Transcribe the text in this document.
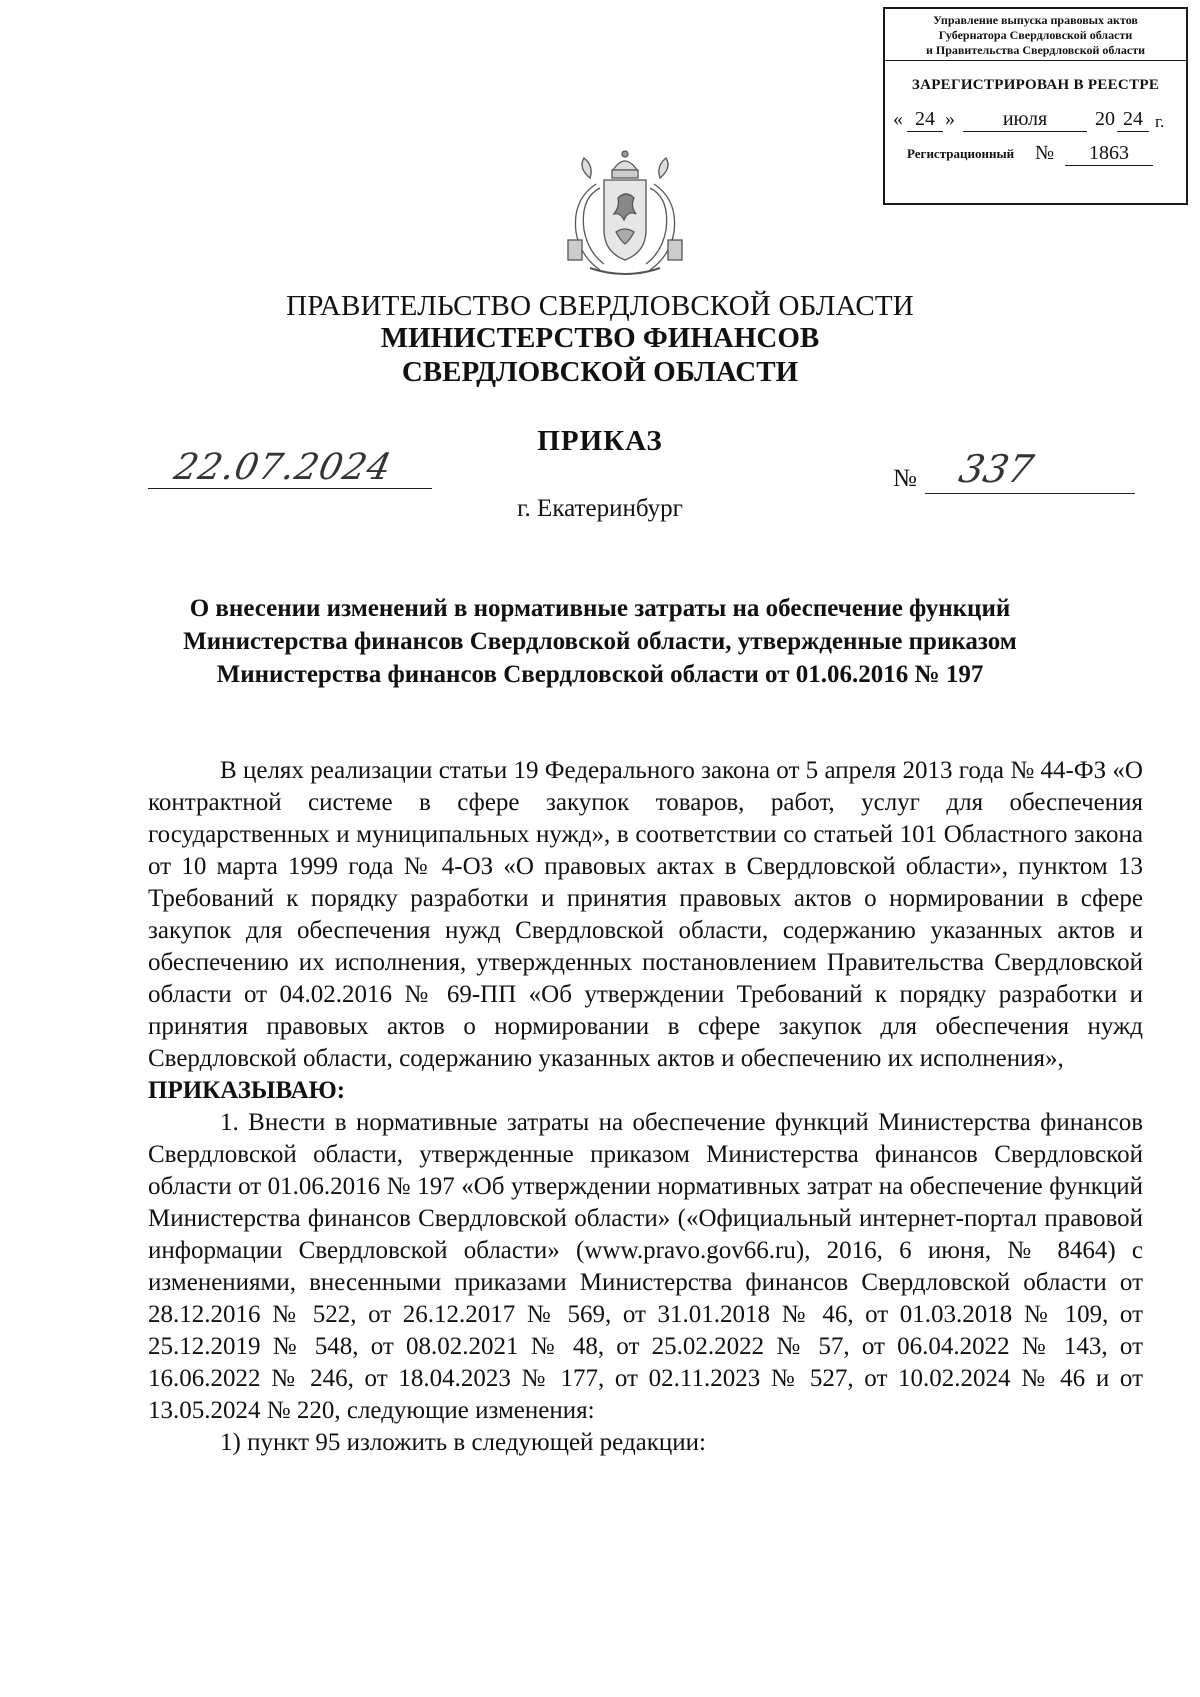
Управление выпуска правовых актов
Губернатора Свердловской области
и Правительства Свердловской области
ЗАРЕГИСТРИРОВАН В РЕЕСТРЕ
« 24 »	июля	20 24 г.
Регистрационный №	1863
ПРАВИТЕЛЬСТВО СВЕРДЛОВСКОЙ ОБЛАСТИ
МИНИСТЕРСТВО ФИНАНСОВ
СВЕРДЛОВСКОЙ ОБЛАСТИ
ПРИКАЗ
22.07.2024	№ 337
г. Екатеринбург
О внесении изменений в нормативные затраты на обеспечение функций
Министерства финансов Свердловской области, утвержденные приказом
Министерства финансов Свердловской области от 01.06.2016 № 197

В целях реализации статьи 19 Федерального закона от 5 апреля 2013 года № 44-ФЗ «О контрактной системе в сфере закупок товаров, работ, услуг для обеспечения государственных и муниципальных нужд», в соответствии со статьей 101 Областного закона от 10 марта 1999 года № 4-ОЗ «О правовых актах в Свердловской области», пунктом 13 Требований к порядку разработки и принятия правовых актов о нормировании в сфере закупок для обеспечения нужд Свердловской области, содержанию указанных актов и обеспечению их исполнения, утвержденных постановлением Правительства Свердловской области от 04.02.2016 № 69-ПП «Об утверждении Требований к порядку разработки и принятия правовых актов о нормировании в сфере закупок для обеспечения нужд Свердловской области, содержанию указанных актов и обеспечению их исполнения»,

ПРИКАЗЫВАЮ:

1. Внести в нормативные затраты на обеспечение функций Министерства финансов Свердловской области, утвержденные приказом Министерства финансов Свердловской области от 01.06.2016 № 197 «Об утверждении нормативных затрат на обеспечение функций Министерства финансов Свердловской области» («Официальный интернет-портал правовой информации Свердловской области» (www.pravo.gov66.ru), 2016, 6 июня, № 8464) с изменениями, внесенными приказами Министерства финансов Свердловской области от 28.12.2016 № 522, от 26.12.2017 № 569, от 31.01.2018 № 46, от 01.03.2018 № 109, от 25.12.2019 № 548, от 08.02.2021 № 48, от 25.02.2022 № 57, от 06.04.2022 № 143, от 16.06.2022 № 246, от 18.04.2023 № 177, от 02.11.2023 № 527, от 10.02.2024 № 46 и от 13.05.2024 № 220, следующие изменения:

1) пункт 95 изложить в следующей редакции:
